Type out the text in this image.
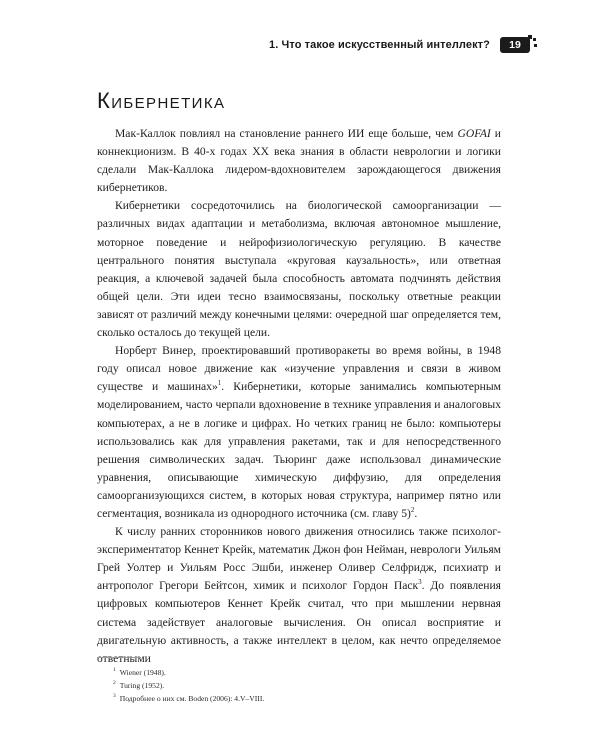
1. Что такое искусственный интеллект? 19
Кибернетика

Мак-Каллок повлиял на становление раннего ИИ еще больше, чем GOFAI и коннекционизм. В 40-х годах XX века знания в области неврологии и логики сделали Мак-Каллока лидером-вдохновителем зарождающегося движения кибернетиков.

Кибернетики сосредоточились на биологической самоорганизации — различных видах адаптации и метаболизма, включая автономное мышление, моторное поведение и нейрофизиологическую регуляцию. В качестве центрального понятия выступала «круговая каузальность», или ответная реакция, а ключевой задачей была способность автомата подчинять действия общей цели. Эти идеи тесно взаимосвязаны, поскольку ответные реакции зависят от различий между конечными целями: очередной шаг определяется тем, сколько осталось до текущей цели.

Норберт Винер, проектировавший противоракеты во время войны, в 1948 году описал новое движение как «изучение управления и связи в живом существе и машинах»$^1$. Кибернетики, которые занимались компьютерным моделированием, часто черпали вдохновение в технике управления и аналоговых компьютерах, а не в логике и цифрах. Но четких границ не было: компьютеры использовались как для управления ракетами, так и для непосредственного решения символических задач. Тьюринг даже использовал динамические уравнения, описывающие химическую диффузию, для определения самоорганизующихся систем, в которых новая структура, например пятно или сегментация, возникала из однородного источника (см. главу 5)$^2$.

К числу ранних сторонников нового движения относились также психолог-экспериментатор Кеннет Крейк, математик Джон фон Нейман, неврологи Уильям Грей Уолтер и Уильям Росс Эшби, инженер Оливер Селфридж, психиатр и антрополог Грегори Бейтсон, химик и психолог Гордон Паск$^3$. До появления цифровых компьютеров Кеннет Крейк считал, что при мышлении нервная система задействует аналоговые вычисления. Он описал восприятие и двигательную активность, а также интеллект в целом, как нечто определяемое ответными

$^1$ Wiener (1948).
$^2$ Turing (1952).
$^3$ Подробнее о них см. Boden (2006): 4.V–VIII.
